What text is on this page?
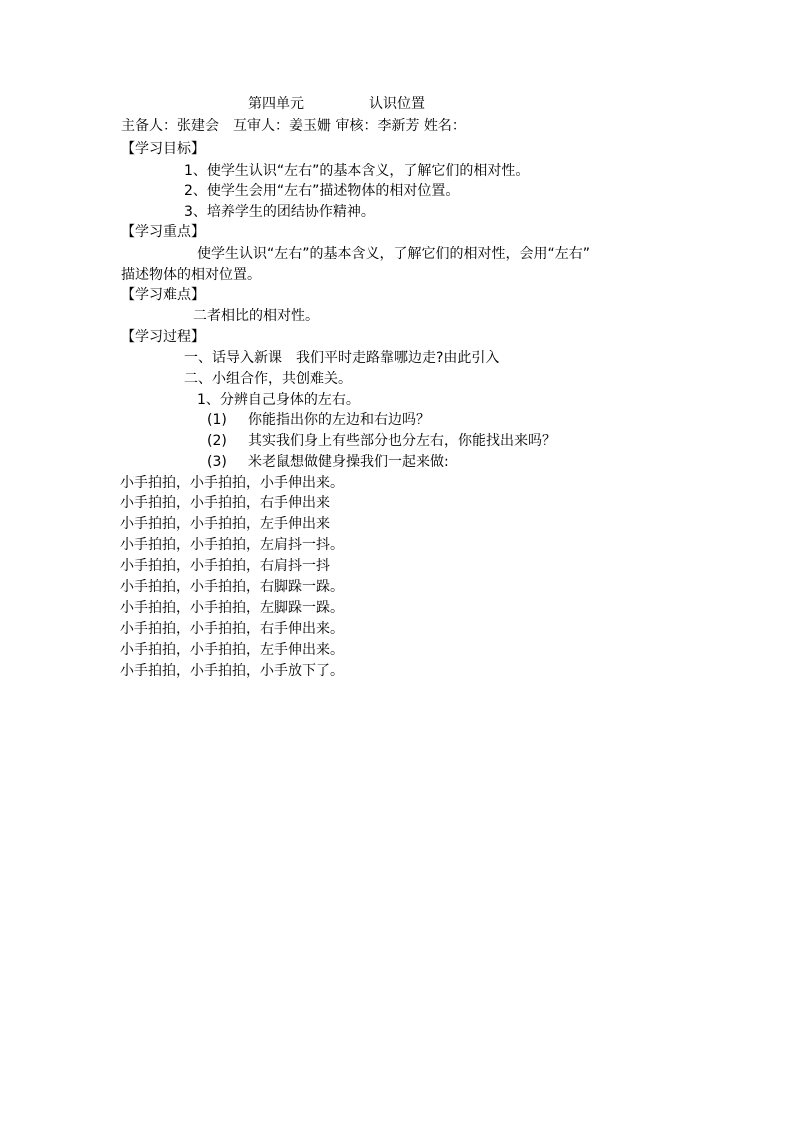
第四单元	认识位置
主备人：张建会　互审人：姜玉姗 审核：李新芳 姓名：
【学习目标】
1、使学生认识“左右”的基本含义，了解它们的相对性。
2、使学生会用“左右”描述物体的相对位置。
3、培养学生的团结协作精神。
【学习重点】
使学生认识“左右”的基本含义，了解它们的相对性，会用“左右”
描述物体的相对位置。
【学习难点】
二者相比的相对性。
【学习过程】
一、话导入新课　我们平时走路靠哪边走?由此引入
二、小组合作，共创难关。
1、分辨自己身体的左右。
(1) 你能指出你的左边和右边吗？
(2) 其实我们身上有些部分也分左右，你能找出来吗？
(3) 米老鼠想做健身操我们一起来做:
小手拍拍，小手拍拍，小手伸出来。
小手拍拍，小手拍拍，右手伸出来
小手拍拍，小手拍拍，左手伸出来
小手拍拍，小手拍拍，左肩抖一抖。
小手拍拍，小手拍拍，右肩抖一抖
小手拍拍，小手拍拍，右脚跺一跺。
小手拍拍，小手拍拍，左脚跺一跺。
小手拍拍，小手拍拍，右手伸出来。
小手拍拍，小手拍拍，左手伸出来。
小手拍拍，小手拍拍，小手放下了。
